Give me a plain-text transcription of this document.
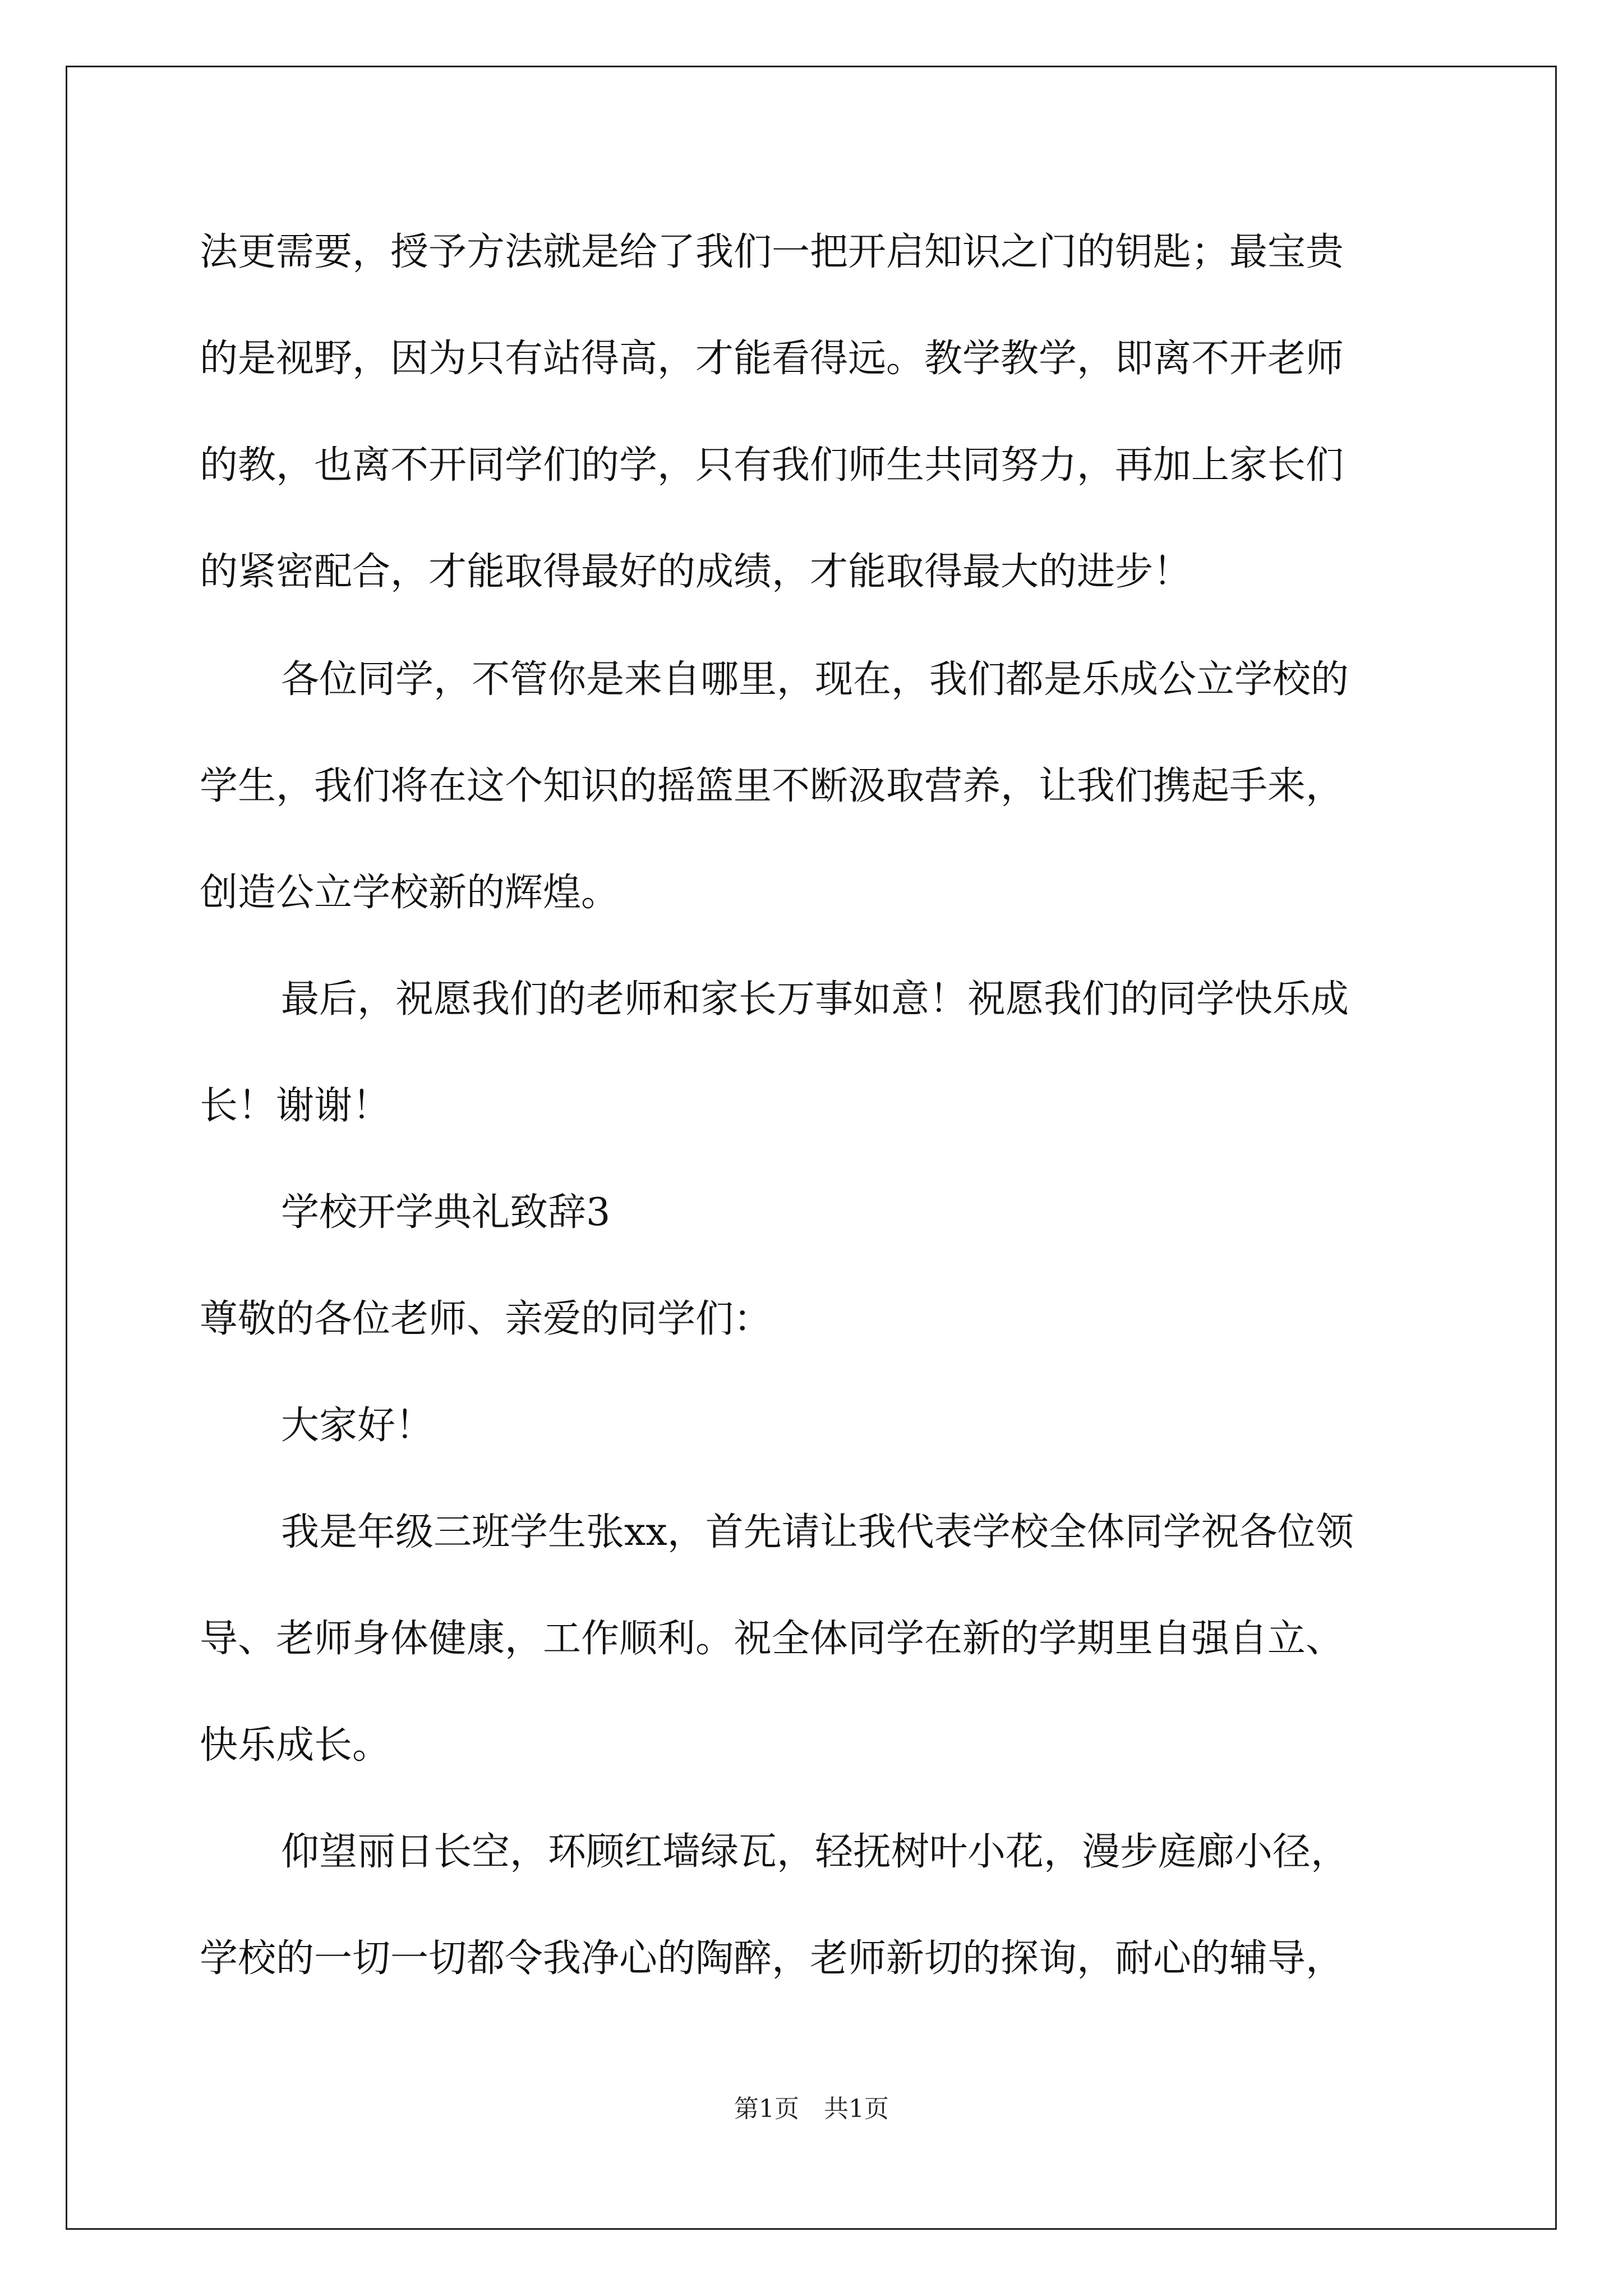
法更需要，授予方法就是给了我们一把开启知识之门的钥匙；最宝贵
的是视野，因为只有站得高，才能看得远。教学教学，即离不开老师
的教，也离不开同学们的学，只有我们师生共同努力，再加上家长们
的紧密配合，才能取得最好的成绩，才能取得最大的进步！
各位同学，不管你是来自哪里，现在，我们都是乐成公立学校的
学生，我们将在这个知识的摇篮里不断汲取营养，让我们携起手来，
创造公立学校新的辉煌。
最后，祝愿我们的老师和家长万事如意！祝愿我们的同学快乐成
长！谢谢！
学校开学典礼致辞3
尊敬的各位老师、亲爱的同学们：
大家好！
我是年级三班学生张xx，首先请让我代表学校全体同学祝各位领
导、老师身体健康，工作顺利。祝全体同学在新的学期里自强自立、
快乐成长。
仰望丽日长空，环顾红墙绿瓦，轻抚树叶小花，漫步庭廊小径，
学校的一切一切都令我净心的陶醉，老师新切的探询，耐心的辅导，
第1页　共1页
